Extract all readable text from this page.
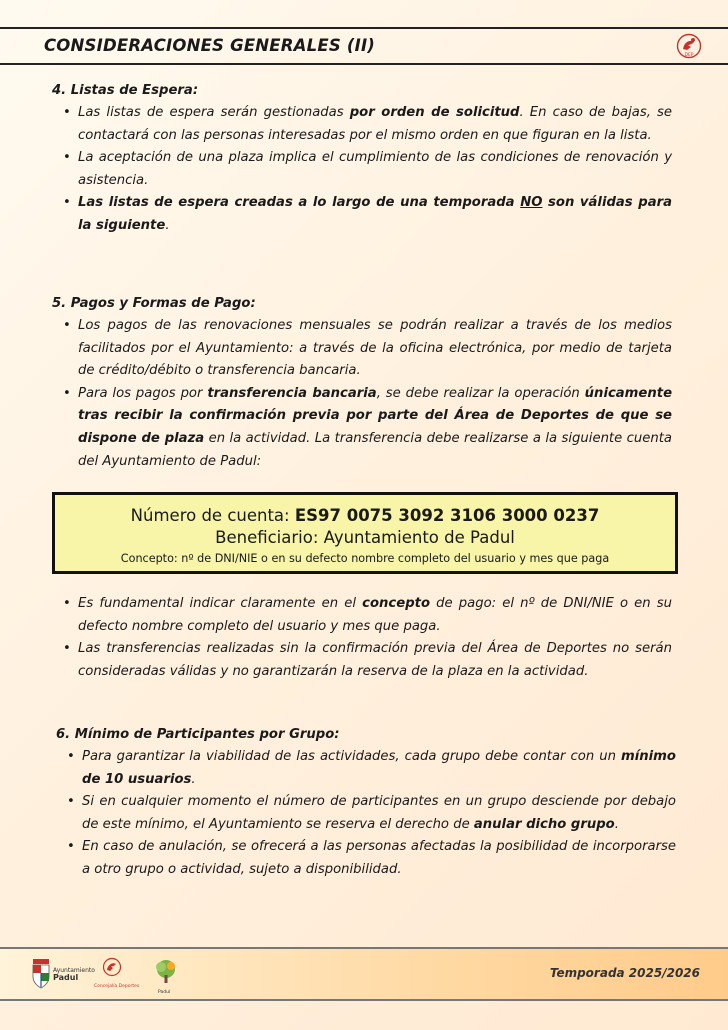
CONSIDERACIONES GENERALES (II)
DEP
4. Listas de Espera:
• Las listas de espera serán gestionadas por orden de solicitud. En caso de bajas, se contactará con las personas interesadas por el mismo orden en que figuran en la lista.
• La aceptación de una plaza implica el cumplimiento de las condiciones de renovación y asistencia.
• Las listas de espera creadas a lo largo de una temporada NO son válidas para la siguiente.
5. Pagos y Formas de Pago:
• Los pagos de las renovaciones mensuales se podrán realizar a través de los medios facilitados por el Ayuntamiento: a través de la oficina electrónica, por medio de tarjeta de crédito/débito o transferencia bancaria.
• Para los pagos por transferencia bancaria, se debe realizar la operación únicamente tras recibir la confirmación previa por parte del Área de Deportes de que se dispone de plaza en la actividad. La transferencia debe realizarse a la siguiente cuenta del Ayuntamiento de Padul:
Número de cuenta: ES97 0075 3092 3106 3000 0237
Beneficiario: Ayuntamiento de Padul
Concepto: nº de DNI/NIE o en su defecto nombre completo del usuario y mes que paga
• Es fundamental indicar claramente en el concepto de pago: el nº de DNI/NIE o en su defecto nombre completo del usuario y mes que paga.
• Las transferencias realizadas sin la confirmación previa del Área de Deportes no serán consideradas válidas y no garantizarán la reserva de la plaza en la actividad.
6. Mínimo de Participantes por Grupo:
• Para garantizar la viabilidad de las actividades, cada grupo debe contar con un mínimo de 10 usuarios.
• Si en cualquier momento el número de participantes en un grupo desciende por debajo de este mínimo, el Ayuntamiento se reserva el derecho de anular dicho grupo.
• En caso de anulación, se ofrecerá a las personas afectadas la posibilidad de incorporarse a otro grupo o actividad, sujeto a disponibilidad.
Ayuntamiento
Padul
Concejalía Deportes
Padul
Temporada 2025/2026
